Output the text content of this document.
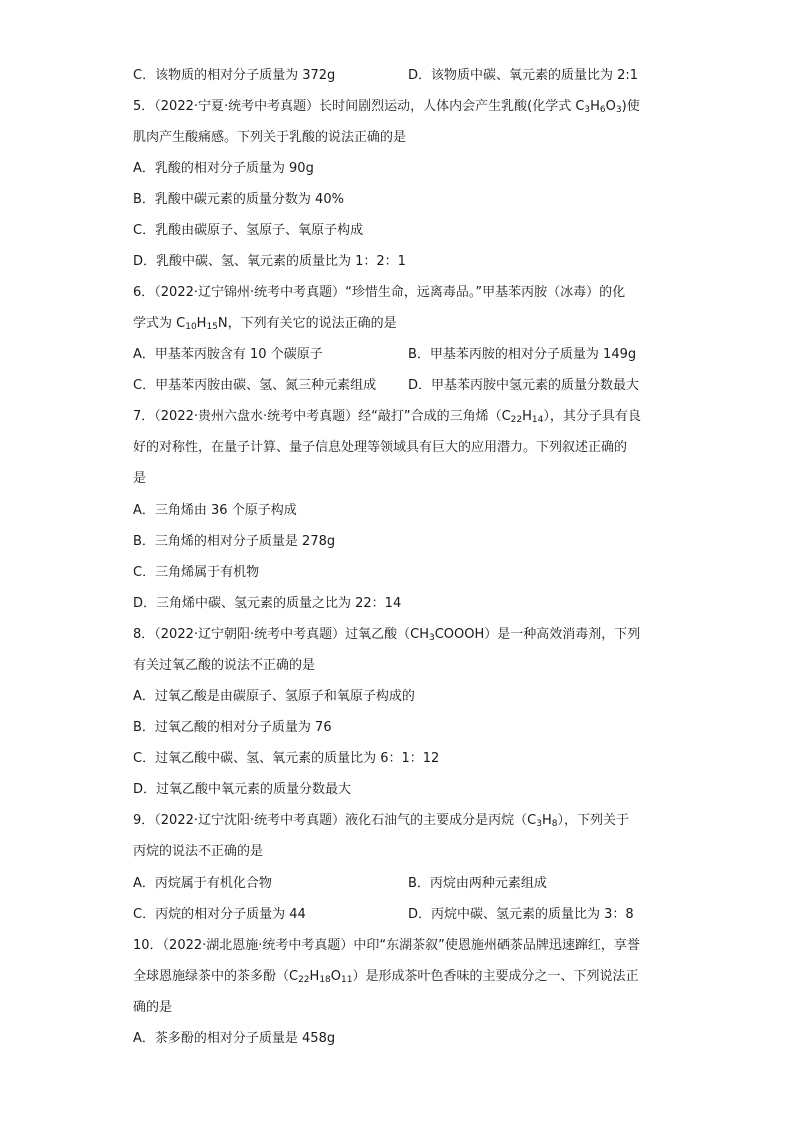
C．该物质的相对分子质量为 372g	D．该物质中碳、氧元素的质量比为 2:1
5．（2022·宁夏·统考中考真题）长时间剧烈运动，人体内会产生乳酸(化学式 $C_3H_6O_3$)使
肌肉产生酸痛感。下列关于乳酸的说法正确的是
A．乳酸的相对分子质量为 90g
B．乳酸中碳元素的质量分数为 40%
C．乳酸由碳原子、氢原子、氧原子构成
D．乳酸中碳、氢、氧元素的质量比为 1：2：1
6．（2022·辽宁锦州·统考中考真题）“珍惜生命，远离毒品。”甲基苯丙胺（冰毒）的化
学式为 $C_{10}H_{15}N$，下列有关它的说法正确的是
A．甲基苯丙胺含有 10 个碳原子	B．甲基苯丙胺的相对分子质量为 149g
C．甲基苯丙胺由碳、氢、氮三种元素组成	D．甲基苯丙胺中氢元素的质量分数最大
7．（2022·贵州六盘水·统考中考真题）经“敲打”合成的三角烯$(C_{22}H_{14})$，其分子具有良
好的对称性，在量子计算、量子信息处理等领域具有巨大的应用潜力。下列叙述正确的
是
A．三角烯由 36 个原子构成
B．三角烯的相对分子质量是 278g
C．三角烯属于有机物
D．三角烯中碳、氢元素的质量之比为 22：14
8．（2022·辽宁朝阳·统考中考真题）过氧乙酸$(CH_3COOOH)$是一种高效消毒剂，下列
有关过氧乙酸的说法不正确的是
A．过氧乙酸是由碳原子、氢原子和氧原子构成的
B．过氧乙酸的相对分子质量为 76
C．过氧乙酸中碳、氢、氧元素的质量比为 6：1：12
D．过氧乙酸中氧元素的质量分数最大
9．（2022·辽宁沈阳·统考中考真题）液化石油气的主要成分是丙烷$(C_3H_8)$，下列关于
丙烷的说法不正确的是
A．丙烷属于有机化合物	B．丙烷由两种元素组成
C．丙烷的相对分子质量为 44	D．丙烷中碳、氢元素的质量比为 3：8
10．（2022·湖北恩施·统考中考真题）中印“东湖茶叙”使恩施州硒茶品牌迅速蹿红，享誉
全球恩施绿茶中的茶多酚$(C_{22}H_{18}O_{11})$是形成茶叶色香味的主要成分之一、下列说法正
确的是
A．茶多酚的相对分子质量是 458g
